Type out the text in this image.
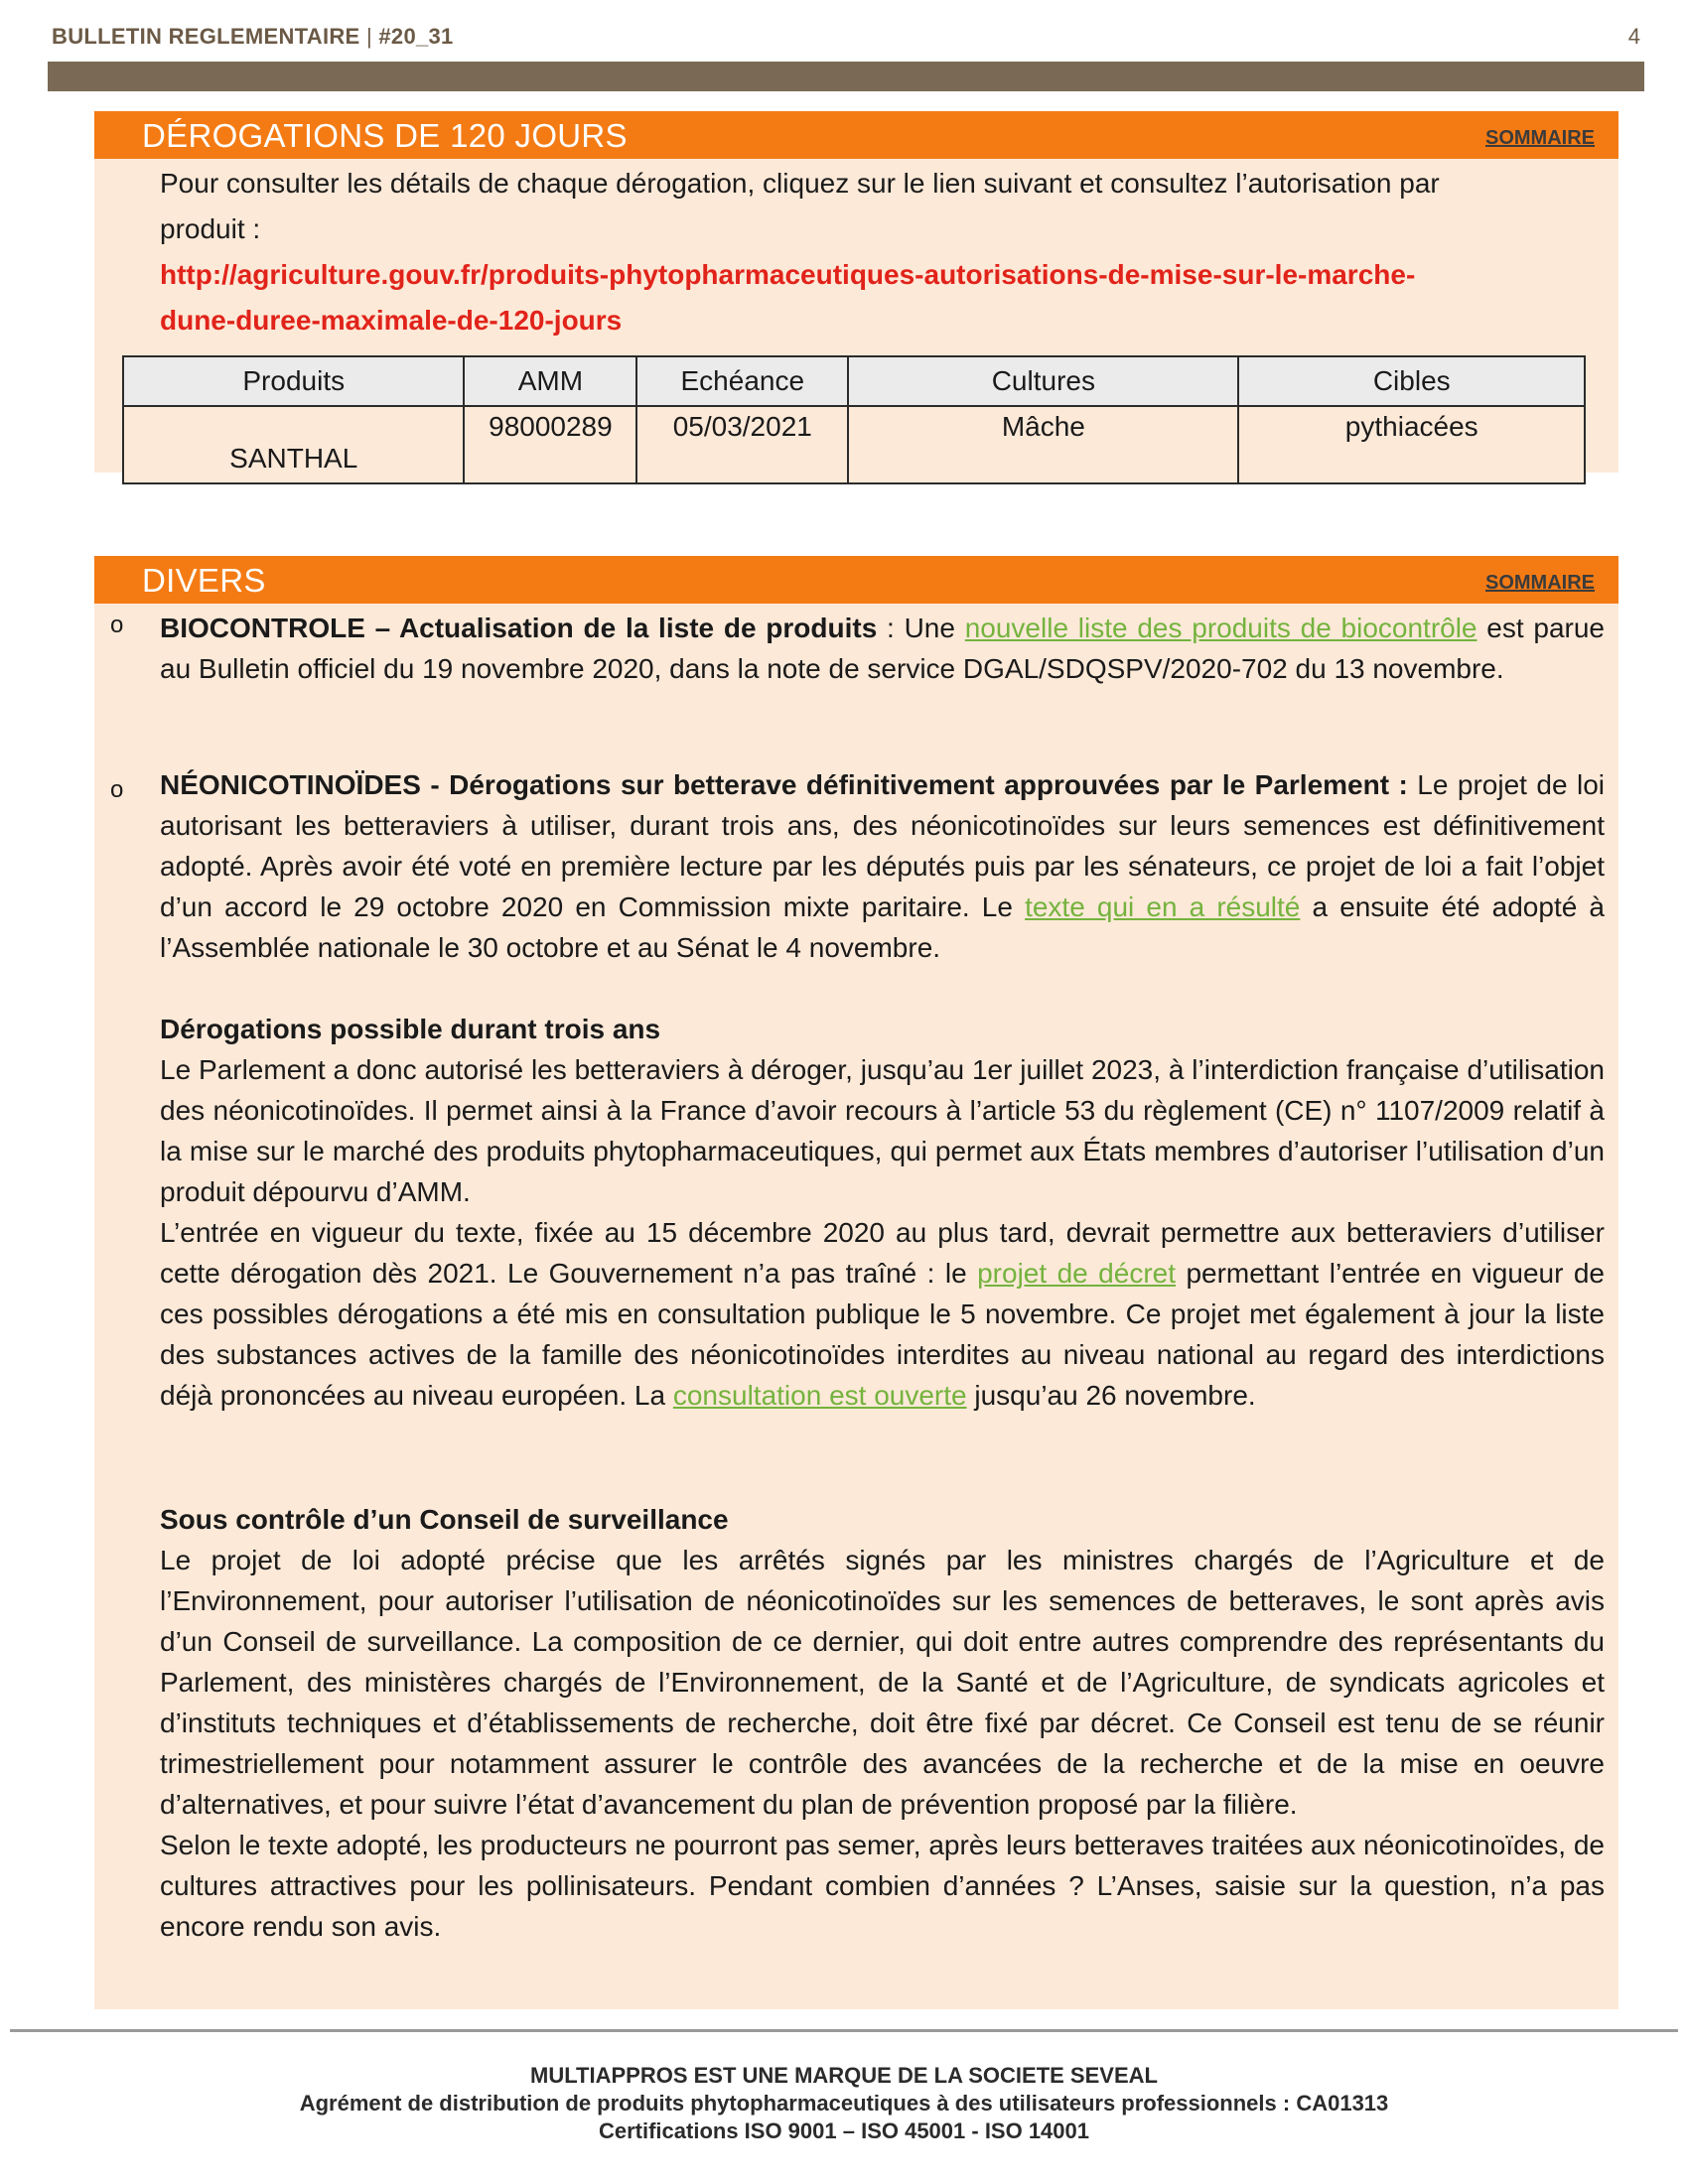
BULLETIN REGLEMENTAIRE | #20_31	4
DÉROGATIONS DE 120 JOURS	SOMMAIRE
Pour consulter les détails de chaque dérogation, cliquez sur le lien suivant et consultez l’autorisation par
produit :
http://agriculture.gouv.fr/produits-phytopharmaceutiques-autorisations-de-mise-sur-le-marche-
dune-duree-maximale-de-120-jours
Produits	AMM	Echéance	Cultures	Cibles
SANTHAL	98000289	05/03/2021	Mâche	pythiacées
DIVERS	SOMMAIRE
o BIOCONTROLE – Actualisation de la liste de produits : Une nouvelle liste des produits de biocontrôle est parue au Bulletin officiel du 19 novembre 2020, dans la note de service DGAL/SDQSPV/2020-702 du 13 novembre.
o NÉONICOTINOÏDES - Dérogations sur betterave définitivement approuvées par le Parlement : Le projet de loi autorisant les betteraviers à utiliser, durant trois ans, des néonicotinoïdes sur leurs semences est définitivement adopté. Après avoir été voté en première lecture par les députés puis par les sénateurs, ce projet de loi a fait l’objet d’un accord le 29 octobre 2020 en Commission mixte paritaire. Le texte qui en a résulté a ensuite été adopté à l’Assemblée nationale le 30 octobre et au Sénat le 4 novembre.
Dérogations possible durant trois ans
Le Parlement a donc autorisé les betteraviers à déroger, jusqu’au 1er juillet 2023, à l’interdiction française d’utilisation des néonicotinoïdes. Il permet ainsi à la France d’avoir recours à l’article 53 du règlement (CE) n° 1107/2009 relatif à la mise sur le marché des produits phytopharmaceutiques, qui permet aux États membres d’autoriser l’utilisation d’un produit dépourvu d’AMM.
L’entrée en vigueur du texte, fixée au 15 décembre 2020 au plus tard, devrait permettre aux betteraviers d’utiliser cette dérogation dès 2021. Le Gouvernement n’a pas traîné : le projet de décret permettant l’entrée en vigueur de ces possibles dérogations a été mis en consultation publique le 5 novembre. Ce projet met également à jour la liste des substances actives de la famille des néonicotinoïdes interdites au niveau national au regard des interdictions déjà prononcées au niveau européen. La consultation est ouverte jusqu’au 26 novembre.
Sous contrôle d’un Conseil de surveillance
Le projet de loi adopté précise que les arrêtés signés par les ministres chargés de l’Agriculture et de l’Environnement, pour autoriser l’utilisation de néonicotinoïdes sur les semences de betteraves, le sont après avis d’un Conseil de surveillance. La composition de ce dernier, qui doit entre autres comprendre des représentants du Parlement, des ministères chargés de l’Environnement, de la Santé et de l’Agriculture, de syndicats agricoles et d’instituts techniques et d’établissements de recherche, doit être fixé par décret. Ce Conseil est tenu de se réunir trimestriellement pour notamment assurer le contrôle des avancées de la recherche et de la mise en oeuvre d’alternatives, et pour suivre l’état d’avancement du plan de prévention proposé par la filière.
Selon le texte adopté, les producteurs ne pourront pas semer, après leurs betteraves traitées aux néonicotinoïdes, de cultures attractives pour les pollinisateurs. Pendant combien d’années ? L’Anses, saisie sur la question, n’a pas encore rendu son avis.
MULTIAPPROS EST UNE MARQUE DE LA SOCIETE SEVEAL
Agrément de distribution de produits phytopharmaceutiques à des utilisateurs professionnels : CA01313
Certifications ISO 9001 – ISO 45001 - ISO 14001
